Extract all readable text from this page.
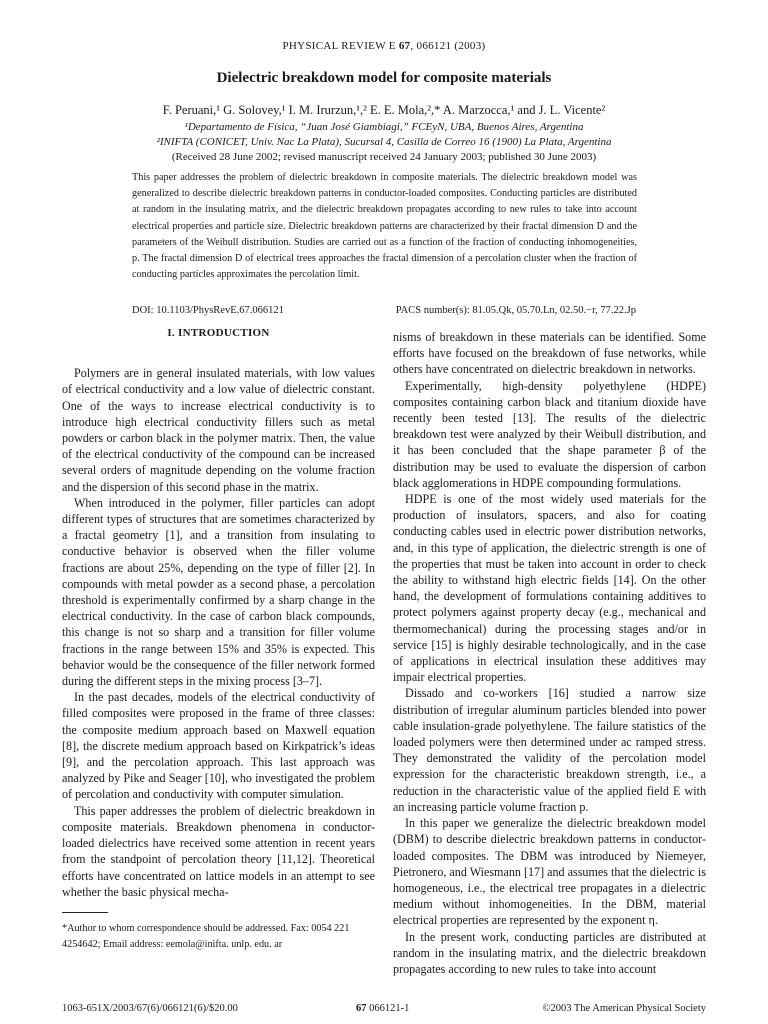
PHYSICAL REVIEW E 67, 066121 (2003)
Dielectric breakdown model for composite materials
F. Peruani,¹ G. Solovey,¹ I. M. Irurzun,¹,² E. E. Mola,²,* A. Marzocca,¹ and J. L. Vicente²
¹Departamento de Física, “Juan José Giambiagi,” FCEyN, UBA, Buenos Aires, Argentina
²INIFTA (CONICET, Univ. Nac La Plata), Sucursal 4, Casilla de Correo 16 (1900) La Plata, Argentina
(Received 28 June 2002; revised manuscript received 24 January 2003; published 30 June 2003)
This paper addresses the problem of dielectric breakdown in composite materials. The dielectric breakdown model was generalized to describe dielectric breakdown patterns in conductor-loaded composites. Conducting particles are distributed at random in the insulating matrix, and the dielectric breakdown propagates according to new rules to take into account electrical properties and particle size. Dielectric breakdown patterns are characterized by their fractal dimension D and the parameters of the Weibull distribution. Studies are carried out as a function of the fraction of conducting inhomogeneities, p. The fractal dimension D of electrical trees approaches the fractal dimension of a percolation cluster when the fraction of conducting particles approximates the percolation limit.
DOI: 10.1103/PhysRevE.67.066121	PACS number(s): 81.05.Qk, 05.70.Ln, 02.50.−r, 77.22.Jp
I. INTRODUCTION

Polymers are in general insulated materials, with low values of electrical conductivity and a low value of dielectric constant. One of the ways to increase electrical conductivity is to introduce high electrical conductivity fillers such as metal powders or carbon black in the polymer matrix. Then, the value of the electrical conductivity of the compound can be increased several orders of magnitude depending on the volume fraction and the dispersion of this second phase in the matrix.

When introduced in the polymer, filler particles can adopt different types of structures that are sometimes characterized by a fractal geometry [1], and a transition from insulating to conductive behavior is observed when the filler volume fractions are about 25%, depending on the type of filler [2]. In compounds with metal powder as a second phase, a percolation threshold is experimentally confirmed by a sharp change in the electrical conductivity. In the case of carbon black compounds, this change is not so sharp and a transition for filler volume fractions in the range between 15% and 35% is expected. This behavior would be the consequence of the filler network formed during the different steps in the mixing process [3–7].

In the past decades, models of the electrical conductivity of filled composites were proposed in the frame of three classes: the composite medium approach based on Maxwell equation [8], the discrete medium approach based on Kirkpatrick’s ideas [9], and the percolation approach. This last approach was analyzed by Pike and Seager [10], who investigated the problem of percolation and conductivity with computer simulation.

This paper addresses the problem of dielectric breakdown in composite materials. Breakdown phenomena in conductor-loaded dielectrics have received some attention in recent years from the standpoint of percolation theory [11,12]. Theoretical efforts have concentrated on lattice models in an attempt to see whether the basic physical mecha-

nisms of breakdown in these materials can be identified. Some efforts have focused on the breakdown of fuse networks, while others have concentrated on dielectric breakdown in networks.

Experimentally, high-density polyethylene (HDPE) composites containing carbon black and titanium dioxide have recently been tested [13]. The results of the dielectric breakdown test were analyzed by their Weibull distribution, and it has been concluded that the shape parameter β of the distribution may be used to evaluate the dispersion of carbon black agglomerations in HDPE compounding formulations.

HDPE is one of the most widely used materials for the production of insulators, spacers, and also for coating conducting cables used in electric power distribution networks, and, in this type of application, the dielectric strength is one of the properties that must be taken into account in order to check the ability to withstand high electric fields [14]. On the other hand, the development of formulations containing additives to protect polymers against property decay (e.g., mechanical and thermomechanical) during the processing stages and/or in service [15] is highly desirable technologically, and in the case of applications in electrical insulation these additives may impair electrical properties.

Dissado and co-workers [16] studied a narrow size distribution of irregular aluminum particles blended into power cable insulation-grade polyethylene. The failure statistics of the loaded polymers were then determined under ac ramped stress. They demonstrated the validity of the percolation model expression for the characteristic breakdown strength, i.e., a reduction in the characteristic value of the applied field E with an increasing particle volume fraction p.

In this paper we generalize the dielectric breakdown model (DBM) to describe dielectric breakdown patterns in conductor-loaded composites. The DBM was introduced by Niemeyer, Pietronero, and Wiesmann [17] and assumes that the dielectric is homogeneous, i.e., the electrical tree propagates in a dielectric medium without inhomogeneities. In the DBM, material electrical properties are represented by the exponent η.

In the present work, conducting particles are distributed at random in the insulating matrix, and the dielectric breakdown propagates according to new rules to take into account

*Author to whom correspondence should be addressed. Fax: 0054 221 4254642; Email address: eemola@inifta. unlp. edu. ar
1063-651X/2003/67(6)/066121(6)/$20.00	67 066121-1	©2003 The American Physical Society
